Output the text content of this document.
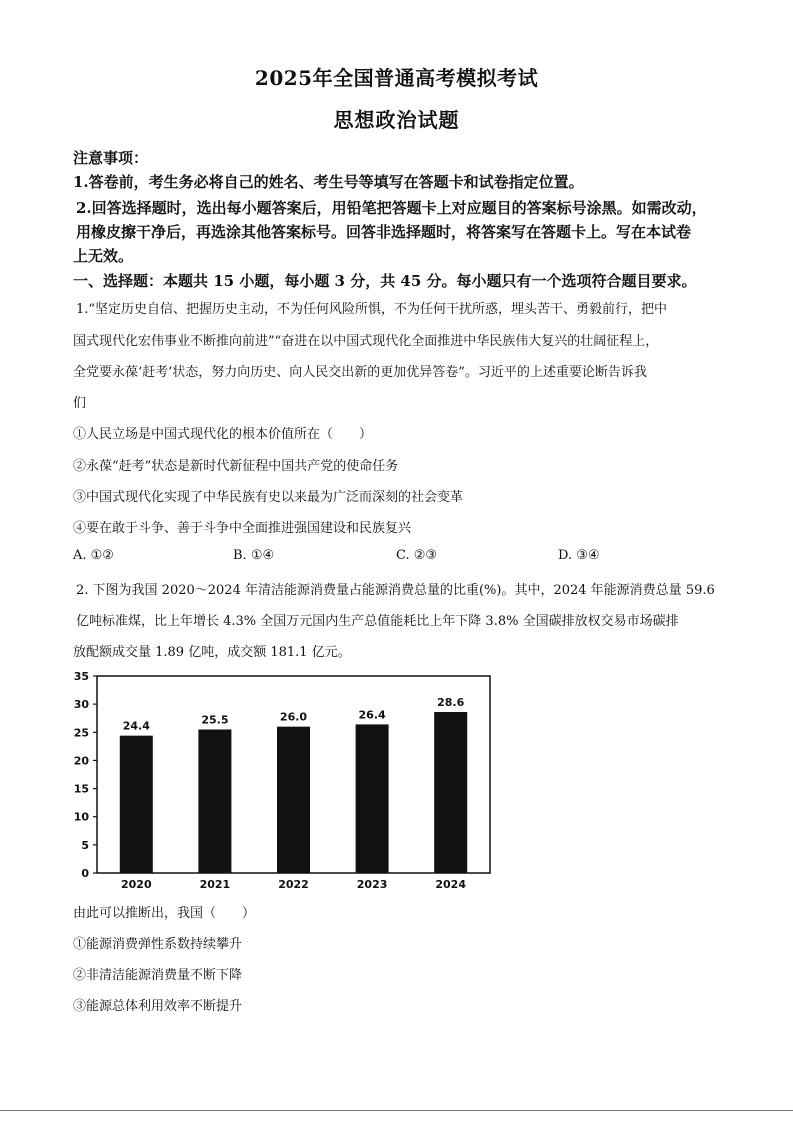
2025年全国普通高考模拟考试
思想政治试题
注意事项：
1.答卷前，考生务必将自己的姓名、考生号等填写在答题卡和试卷指定位置。
2.回答选择题时，选出每小题答案后，用铅笔把答题卡上对应题目的答案标号涂黑。如需改动，
用橡皮擦干净后，再选涂其他答案标号。回答非选择题时，将答案写在答题卡上。写在本试卷
上无效。
一、选择题：本题共 15 小题，每小题 3 分，共 45 分。每小题只有一个选项符合题目要求。
1.“坚定历史自信、把握历史主动，不为任何风险所惧，不为任何干扰所惑，埋头苦干、勇毅前行，把中
国式现代化宏伟事业不断推向前进”“奋进在以中国式现代化全面推进中华民族伟大复兴的壮阔征程上，
全党要永葆‘赶考’状态，努力向历史、向人民交出新的更加优异答卷”。习近平的上述重要论断告诉我
们
①人民立场是中国式现代化的根本价值所在（　　）
②永葆“赶考”状态是新时代新征程中国共产党的使命任务
③中国式现代化实现了中华民族有史以来最为广泛而深刻的社会变革
④要在敢于斗争、善于斗争中全面推进强国建设和民族复兴
A. ①②	B. ①④	C. ②③	D. ③④
2. 下图为我国 2020～2024 年清洁能源消费量占能源消费总量的比重(%)。其中，2024 年能源消费总量 59.6
亿吨标准煤，比上年增长 4.3% 全国万元国内生产总值能耗比上年下降 3.8% 全国碳排放权交易市场碳排
放配额成交量 1.89 亿吨，成交额 181.1 亿元。
0
5
10
15
20
25
30
35
24.4
2020
25.5
2021
26.0
2022
26.4
2023
28.6
2024
由此可以推断出，我国（　　）
①能源消费弹性系数持续攀升
②非清洁能源消费量不断下降
③能源总体利用效率不断提升
